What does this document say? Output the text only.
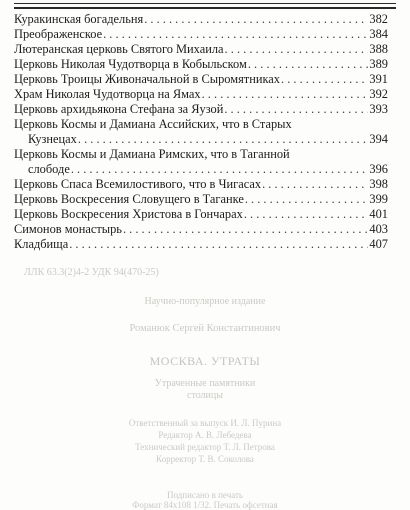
Куракинская богадельня . . .	382
Преображенское . . .	384
Лютеранская церковь Святого Михаила . . .	388
Церковь Николая Чудотворца в Кобыльском . . .	389
Церковь Троицы Живоначальной в Сыромятниках . . .	391
Храм Николая Чудотворца на Ямах . . .	392
Церковь архидьякона Стефана за Яузой . . .	393
Церковь Космы и Дамиана Ассийских, что в Старых
Кузнецах . . .	394
Церковь Космы и Дамиана Римских, что в Таганной
слободе . . .	396
Церковь Спаса Всемилостивого, что в Чигасах . . .	398
Церковь Воскресения Словущего в Таганке . . .	399
Церковь Воскресения Христова в Гончарах . . .	401
Симонов монастырь . . .	403
Кладбища . . .	407
ЛЛК 63.3(2)4-2 УДК 94(470-25)
Научно-популярное издание
Романюк Сергей Константинович
МОСКВА. УТРАТЫ
Утраченные памятники
столицы
Ответственный за выпуск И. Л. Пурина
Редактор А. В. Лебедева
Технический редактор Т. Л. Петрова
Корректор Т. В. Соколова
Подписано в печать
Формат 84х108 1/32. Печать офсетная
